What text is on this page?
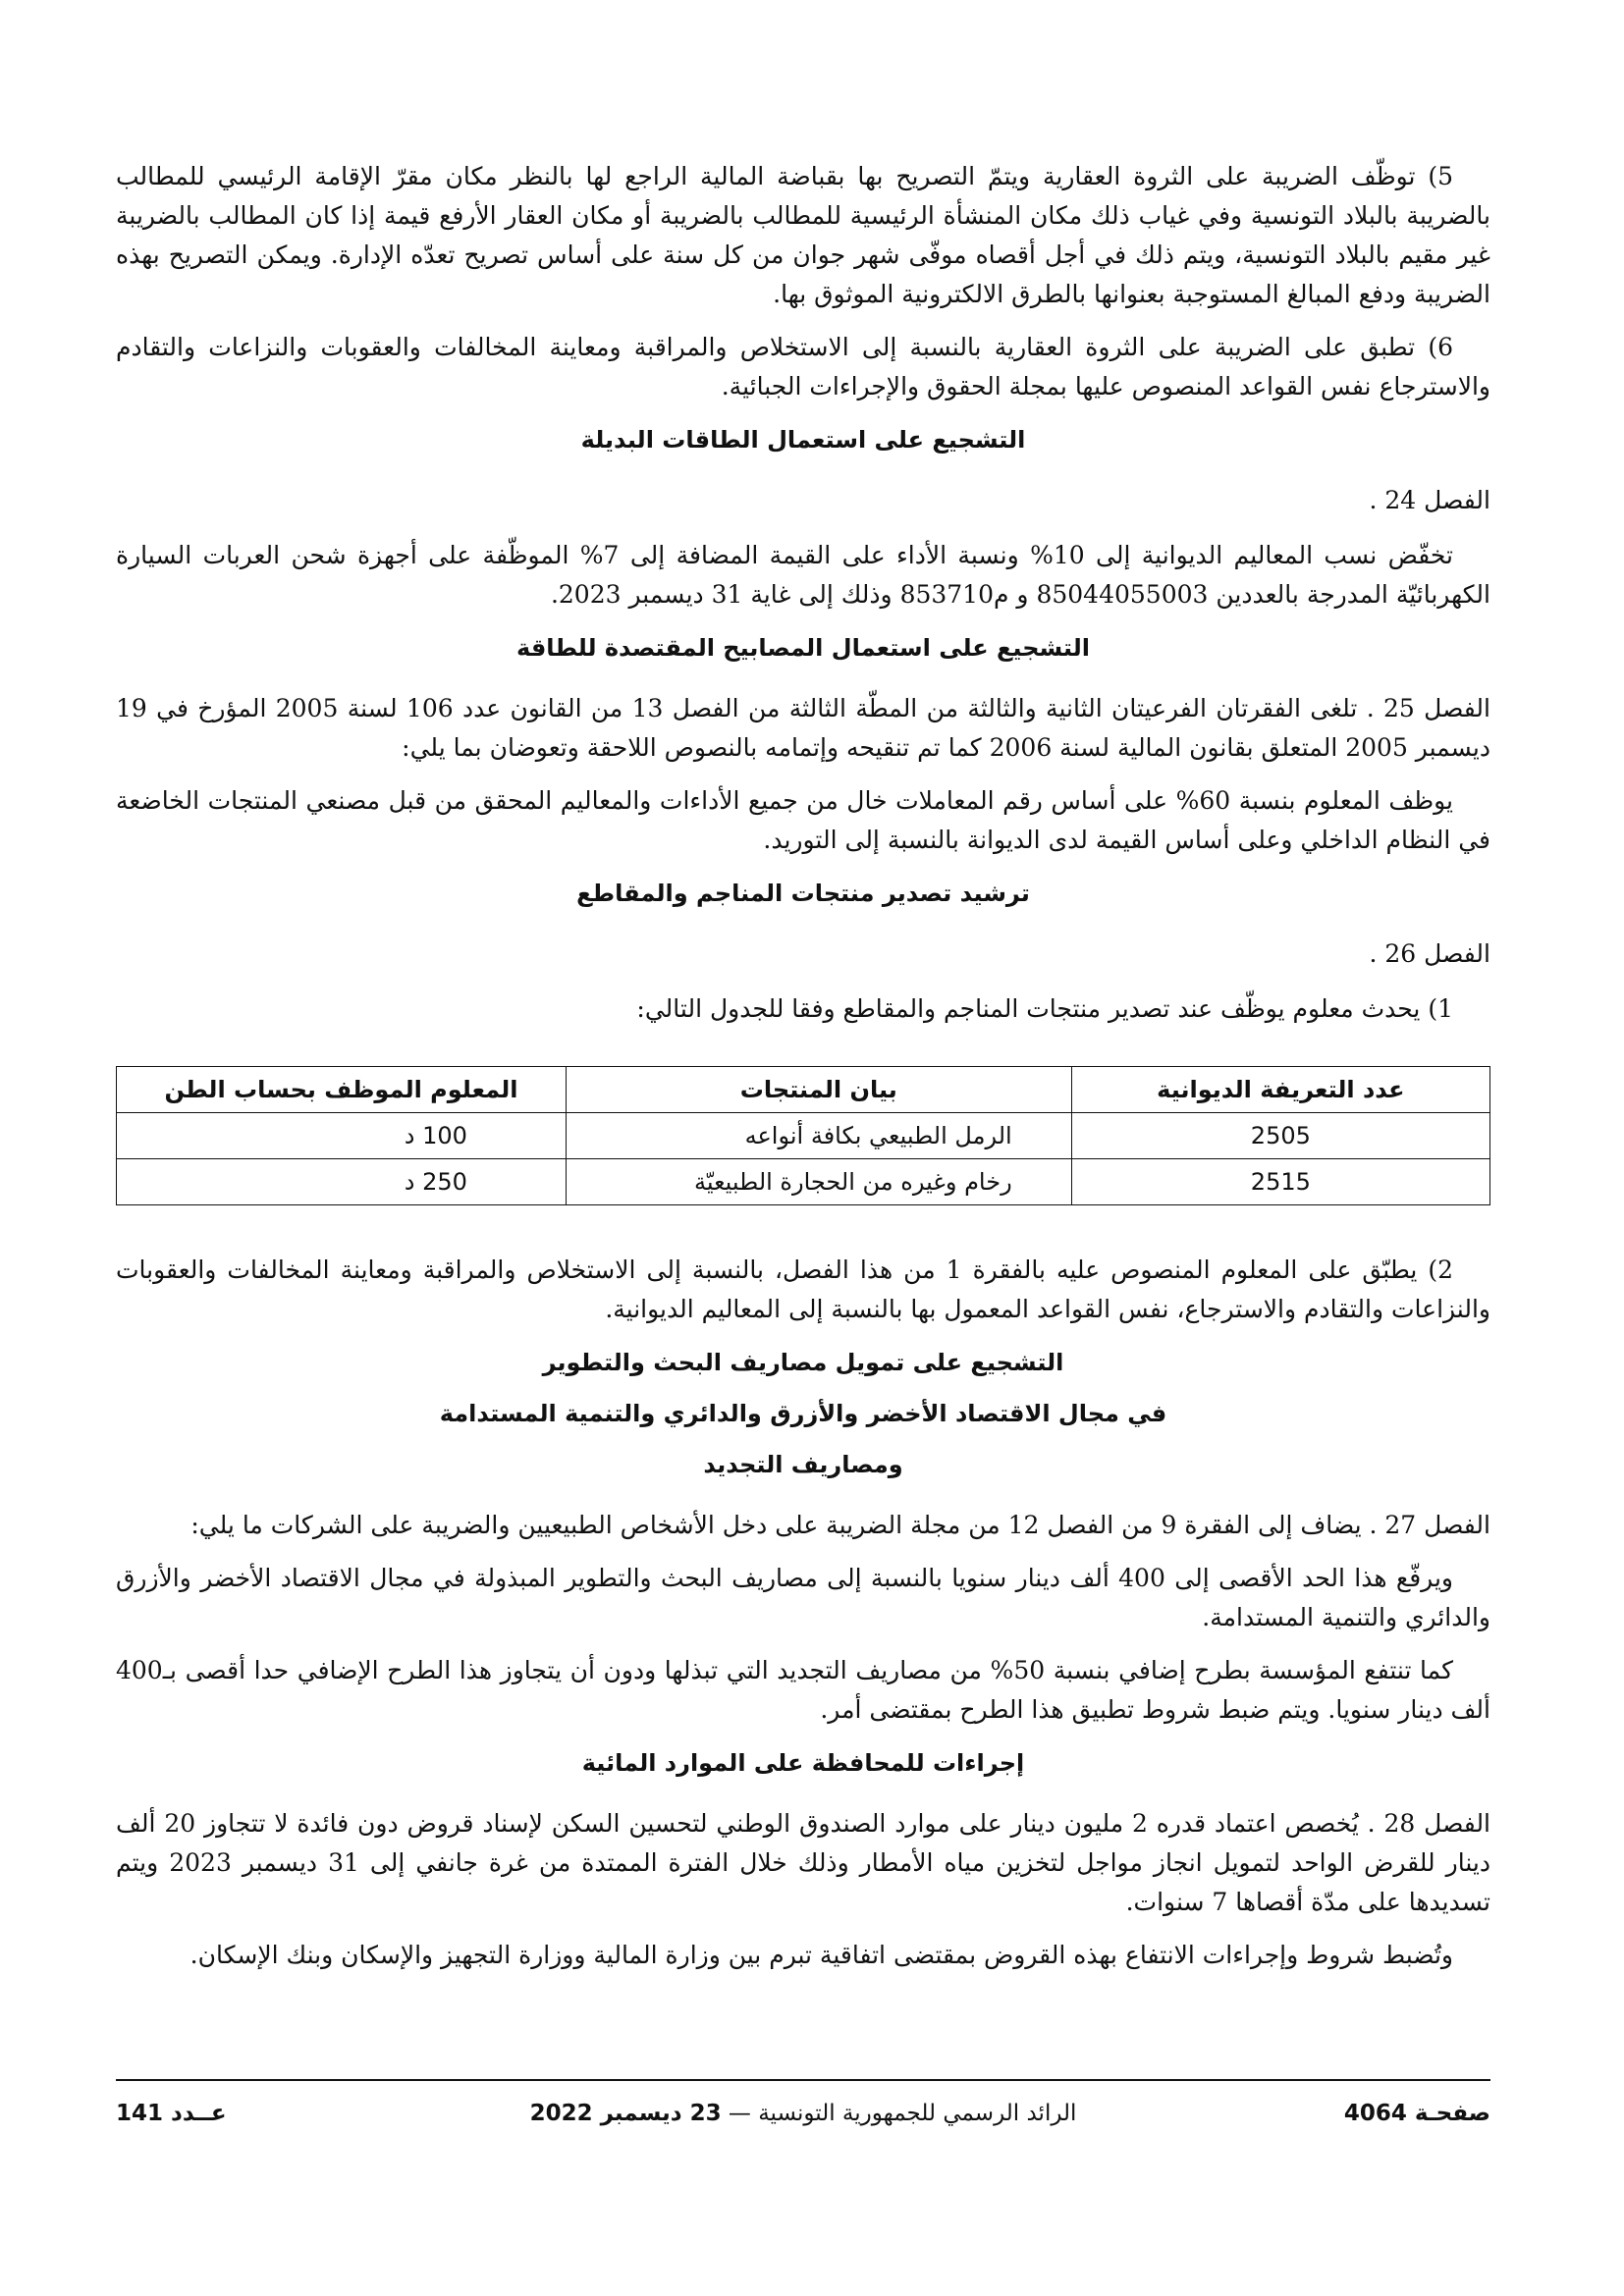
5) توظّف الضريبة على الثروة العقارية ويتمّ التصريح بها بقباضة المالية الراجع لها بالنظر مكان مقرّ الإقامة الرئيسي للمطالب بالضريبة بالبلاد التونسية وفي غياب ذلك مكان المنشأة الرئيسية للمطالب بالضريبة أو مكان العقار الأرفع قيمة إذا كان المطالب بالضريبة غير مقيم بالبلاد التونسية، ويتم ذلك في أجل أقصاه موفّى شهر جوان من كل سنة على أساس تصريح تعدّه الإدارة. ويمكن التصريح بهذه الضريبة ودفع المبالغ المستوجبة بعنوانها بالطرق الالكترونية الموثوق بها.

6) تطبق على الضريبة على الثروة العقارية بالنسبة إلى الاستخلاص والمراقبة ومعاينة المخالفات والعقوبات والنزاعات والتقادم والاسترجاع نفس القواعد المنصوص عليها بمجلة الحقوق والإجراءات الجبائية.

التشجيع على استعمال الطاقات البديلة

الفصل 24 .

تخفّض نسب المعاليم الديوانية إلى 10% ونسبة الأداء على القيمة المضافة إلى 7% الموظّفة على أجهزة شحن العربات السيارة الكهربائيّة المدرجة بالعددين 85044055003 و م853710 وذلك إلى غاية 31 ديسمبر 2023.

التشجيع على استعمال المصابيح المقتصدة للطاقة

الفصل 25 . تلغى الفقرتان الفرعيتان الثانية والثالثة من المطّة الثالثة من الفصل 13 من القانون عدد 106 لسنة 2005 المؤرخ في 19 ديسمبر 2005 المتعلق بقانون المالية لسنة 2006 كما تم تنقيحه وإتمامه بالنصوص اللاحقة وتعوضان بما يلي:

يوظف المعلوم بنسبة 60% على أساس رقم المعاملات خال من جميع الأداءات والمعاليم المحقق من قبل مصنعي المنتجات الخاضعة في النظام الداخلي وعلى أساس القيمة لدى الديوانة بالنسبة إلى التوريد.

ترشيد تصدير منتجات المناجم والمقاطع

الفصل 26 .

1) يحدث معلوم يوظّف عند تصدير منتجات المناجم والمقاطع وفقا للجدول التالي:

عدد التعريفة الديوانية	بيان المنتجات	المعلوم الموظف بحساب الطن
2505	الرمل الطبيعي بكافة أنواعه	100 د
2515	رخام وغيره من الحجارة الطبيعيّة	250 د

2) يطبّق على المعلوم المنصوص عليه بالفقرة 1 من هذا الفصل، بالنسبة إلى الاستخلاص والمراقبة ومعاينة المخالفات والعقوبات والنزاعات والتقادم والاسترجاع، نفس القواعد المعمول بها بالنسبة إلى المعاليم الديوانية.

التشجيع على تمويل مصاريف البحث والتطوير
في مجال الاقتصاد الأخضر والأزرق والدائري والتنمية المستدامة
ومصاريف التجديد

الفصل 27 . يضاف إلى الفقرة 9 من الفصل 12 من مجلة الضريبة على دخل الأشخاص الطبيعيين والضريبة على الشركات ما يلي:

ويرفّع هذا الحد الأقصى إلى 400 ألف دينار سنويا بالنسبة إلى مصاريف البحث والتطوير المبذولة في مجال الاقتصاد الأخضر والأزرق والدائري والتنمية المستدامة.

كما تنتفع المؤسسة بطرح إضافي بنسبة 50% من مصاريف التجديد التي تبذلها ودون أن يتجاوز هذا الطرح الإضافي حدا أقصى بـ400 ألف دينار سنويا. ويتم ضبط شروط تطبيق هذا الطرح بمقتضى أمر.

إجراءات للمحافظة على الموارد المائية

الفصل 28 . يُخصص اعتماد قدره 2 مليون دينار على موارد الصندوق الوطني لتحسين السكن لإسناد قروض دون فائدة لا تتجاوز 20 ألف دينار للقرض الواحد لتمويل انجاز مواجل لتخزين مياه الأمطار وذلك خلال الفترة الممتدة من غرة جانفي إلى 31 ديسمبر 2023 ويتم تسديدها على مدّة أقصاها 7 سنوات.

وتُضبط شروط وإجراءات الانتفاع بهذه القروض بمقتضى اتفاقية تبرم بين وزارة المالية ووزارة التجهيز والإسكان وبنك الإسكان.

صفحـة 4064
الرائد الرسمي للجمهورية التونسية — 23 ديسمبر 2022
عــدد 141
